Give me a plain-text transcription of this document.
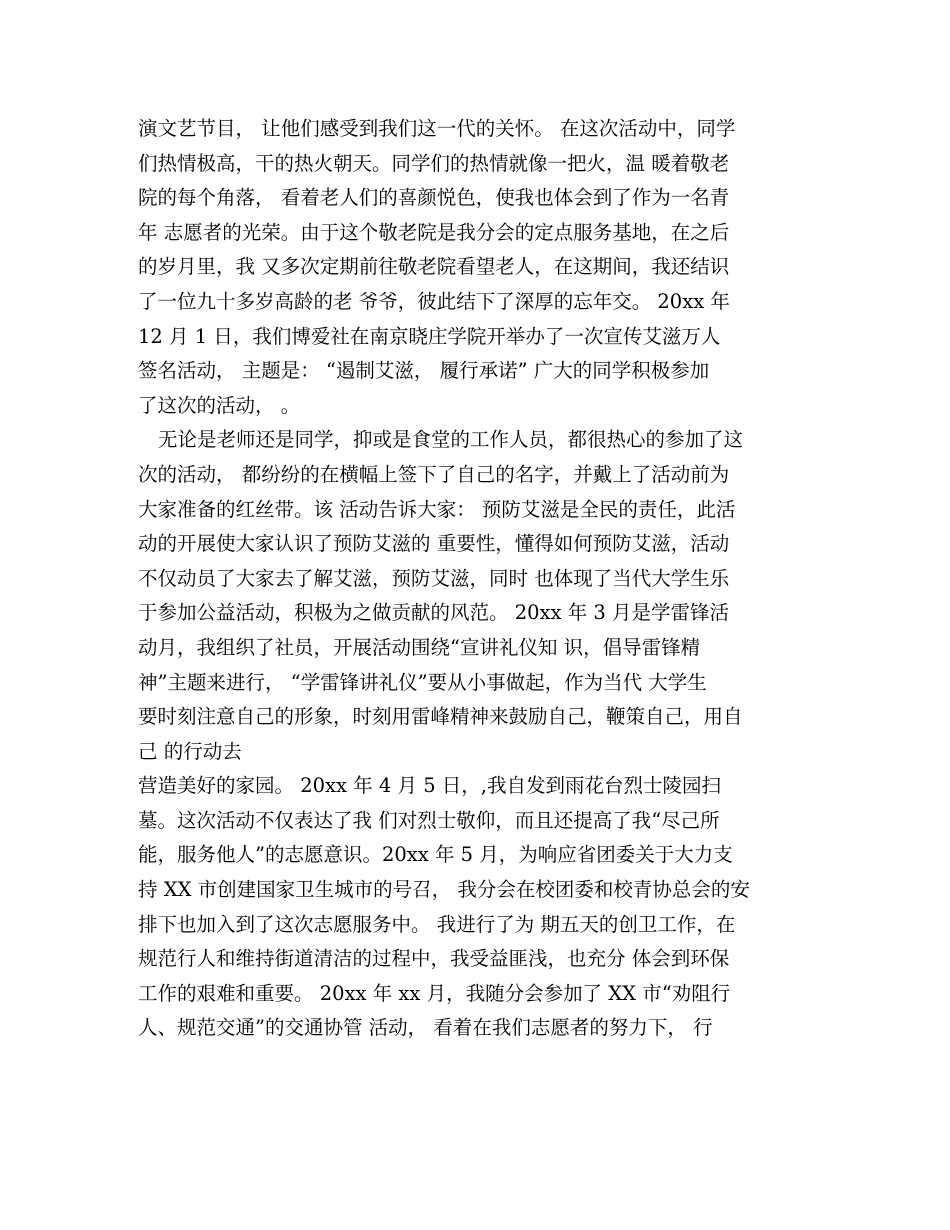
演文艺节目， 让他们感受到我们这一代的关怀。 在这次活动中，同学
们热情极高，干的热火朝天。同学们的热情就像一把火，温 暖着敬老
院的每个角落， 看着老人们的喜颜悦色，使我也体会到了作为一名青
年 志愿者的光荣。由于这个敬老院是我分会的定点服务基地，在之后
的岁月里，我 又多次定期前往敬老院看望老人，在这期间，我还结识
了一位九十多岁高龄的老 爷爷，彼此结下了深厚的忘年交。 20xx 年
12 月 1 日，我们博爱社在南京晓庄学院开举办了一次宣传艾滋万人
签名活动， 主题是： “遏制艾滋， 履行承诺” 广大的同学积极参加
了这次的活动， 。
无论是老师还是同学，抑或是食堂的工作人员，都很热心的参加了这
次的活动， 都纷纷的在横幅上签下了自己的名字，并戴上了活动前为
大家准备的红丝带。该 活动告诉大家： 预防艾滋是全民的责任，此活
动的开展使大家认识了预防艾滋的 重要性，懂得如何预防艾滋，活动
不仅动员了大家去了解艾滋，预防艾滋，同时 也体现了当代大学生乐
于参加公益活动，积极为之做贡献的风范。 20xx 年 3 月是学雷锋活
动月，我组织了社员，开展活动围绕“宣讲礼仪知 识，倡导雷锋精
神”主题来进行， “学雷锋讲礼仪”要从小事做起，作为当代 大学生
要时刻注意自己的形象，时刻用雷峰精神来鼓励自己，鞭策自己，用自
己 的行动去
营造美好的家园。 20xx 年 4 月 5 日，,我自发到雨花台烈士陵园扫
墓。这次活动不仅表达了我 们对烈士敬仰，而且还提高了我“尽己所
能，服务他人”的志愿意识。20xx 年 5 月，为响应省团委关于大力支
持 XX 市创建国家卫生城市的号召， 我分会在校团委和校青协总会的安
排下也加入到了这次志愿服务中。 我进行了为 期五天的创卫工作，在
规范行人和维持街道清洁的过程中，我受益匪浅，也充分 体会到环保
工作的艰难和重要。 20xx 年 xx 月，我随分会参加了 XX 市“劝阻行
人、规范交通”的交通协管 活动， 看着在我们志愿者的努力下， 行
